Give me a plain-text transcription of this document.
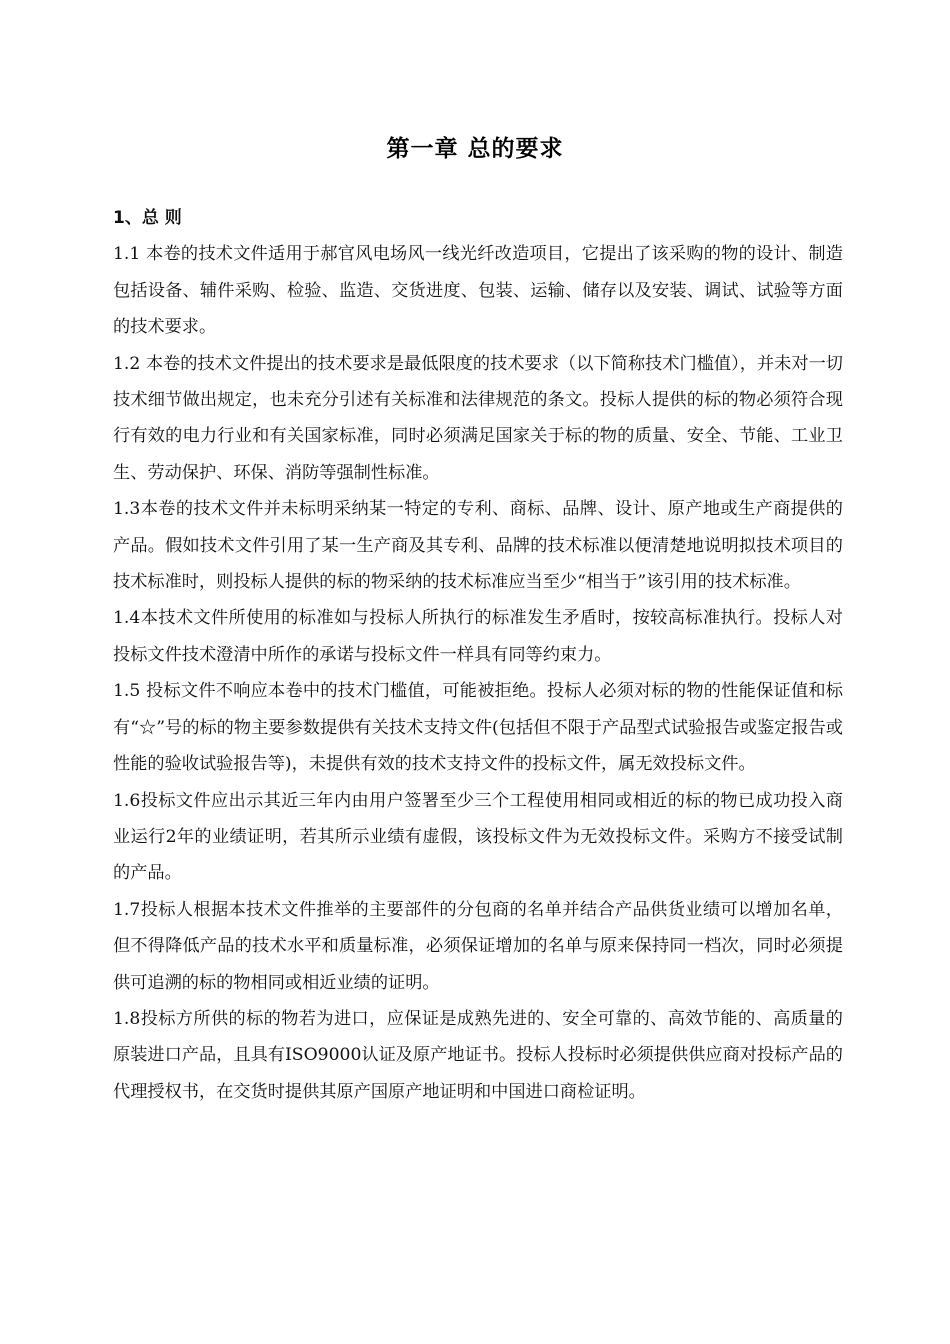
第一章 总的要求
1、总 则

1.1 本卷的技术文件适用于郝官风电场风一线光纤改造项目，它提出了该采购的物的设计、制造包括设备、辅件采购、检验、监造、交货进度、包装、运输、储存以及安装、调试、试验等方面的技术要求。

1.2 本卷的技术文件提出的技术要求是最低限度的技术要求（以下简称技术门槛值），并未对一切技术细节做出规定，也未充分引述有关标准和法律规范的条文。投标人提供的标的物必须符合现行有效的电力行业和有关国家标准，同时必须满足国家关于标的物的质量、安全、节能、工业卫生、劳动保护、环保、消防等强制性标准。

1.3本卷的技术文件并未标明采纳某一特定的专利、商标、品牌、设计、原产地或生产商提供的产品。假如技术文件引用了某一生产商及其专利、品牌的技术标准以便清楚地说明拟技术项目的技术标准时，则投标人提供的标的物采纳的技术标准应当至少“相当于”该引用的技术标准。

1.4本技术文件所使用的标准如与投标人所执行的标准发生矛盾时，按较高标准执行。投标人对投标文件技术澄清中所作的承诺与投标文件一样具有同等约束力。

1.5 投标文件不响应本卷中的技术门槛值，可能被拒绝。投标人必须对标的物的性能保证值和标有“☆”号的标的物主要参数提供有关技术支持文件(包括但不限于产品型式试验报告或鉴定报告或性能的验收试验报告等)，未提供有效的技术支持文件的投标文件，属无效投标文件。

1.6投标文件应出示其近三年内由用户签署至少三个工程使用相同或相近的标的物已成功投入商业运行2年的业绩证明，若其所示业绩有虚假，该投标文件为无效投标文件。采购方不接受试制的产品。

1.7投标人根据本技术文件推举的主要部件的分包商的名单并结合产品供货业绩可以增加名单，但不得降低产品的技术水平和质量标准，必须保证增加的名单与原来保持同一档次，同时必须提供可追溯的标的物相同或相近业绩的证明。

1.8投标方所供的标的物若为进口，应保证是成熟先进的、安全可靠的、高效节能的、高质量的原装进口产品，且具有ISO9000认证及原产地证书。投标人投标时必须提供供应商对投标产品的代理授权书，在交货时提供其原产国原产地证明和中国进口商检证明。
